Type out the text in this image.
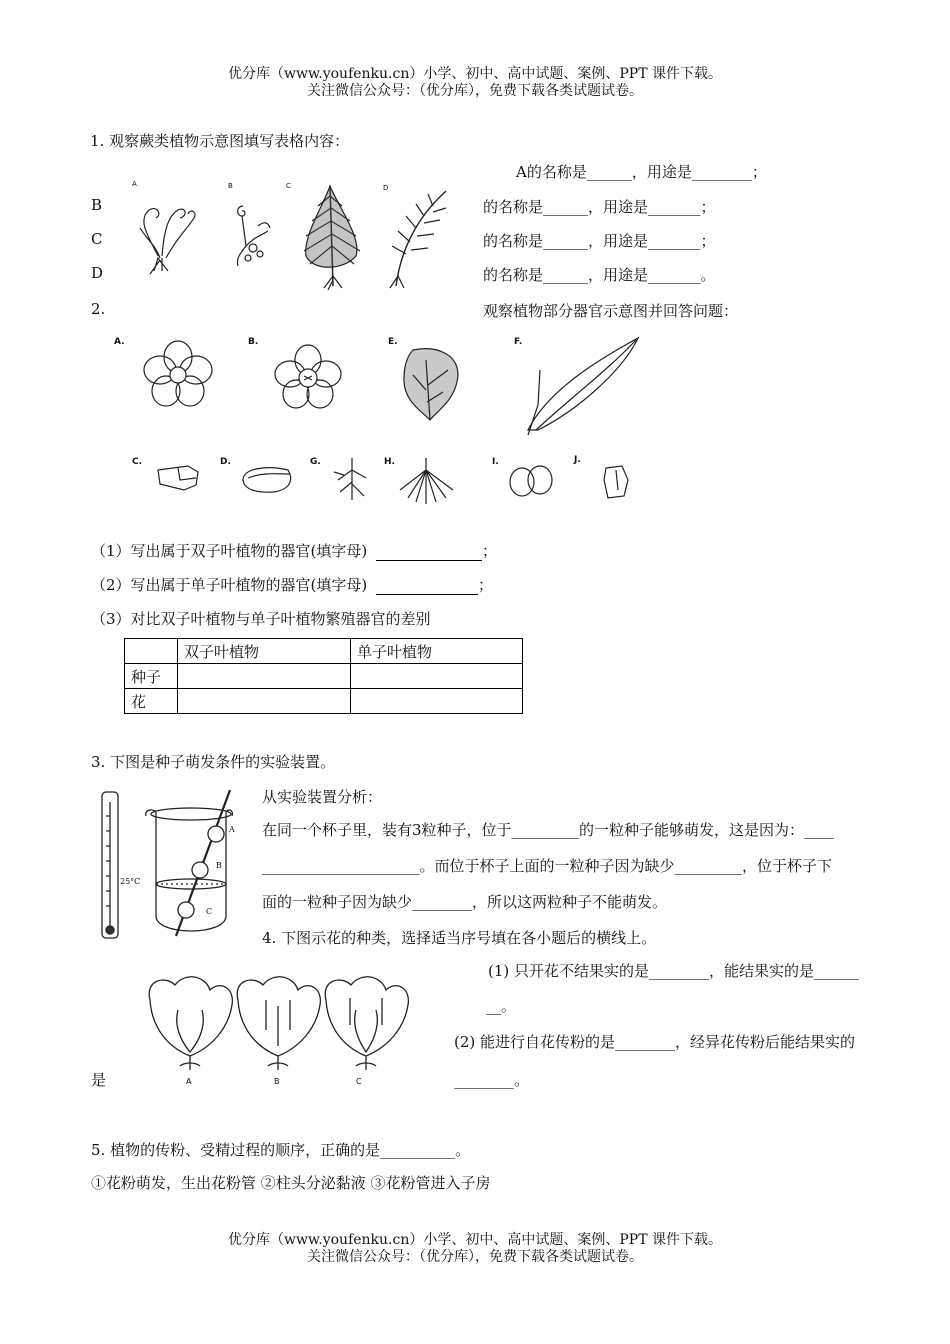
优分库（www.youfenku.cn）小学、初中、高中试题、案例、PPT 课件下载。
关注微信公众号：（优分库），免费下载各类试题试卷。
1. 观察蕨类植物示意图填写表格内容：
A的名称是______，用途是________；
B
C
D
的名称是______，用途是_______；
的名称是______，用途是_______；
的名称是______，用途是_______。
A	B	C	D
2.	观察植物部分器官示意图并回答问题：
A.	B.	E.	F.
C.	D.	G.	H.	I.	J.
（1）写出属于双子叶植物的器官(填字母)	；
（2）写出属于单子叶植物的器官(填字母)	；
（3）对比双子叶植物与单子叶植物繁殖器官的差别
	双子叶植物	单子叶植物
种子		
花		
3. 下图是种子萌发条件的实验装置。
从实验装置分析：
在同一个杯子里，装有3粒种子，位于_________的一粒种子能够萌发，这是因为：____
_____________________。而位于杯子上面的一粒种子因为缺少_________，位于杯子下
面的一粒种子因为缺少________，所以这两粒种子不能萌发。
25°C
A
B
C
4. 下图示花的种类，选择适当序号填在各小题后的横线上。
(1) 只开花不结果实的是________，能结果实的是______
__。
(2) 能进行自花传粉的是________，经异花传粉后能结果实的
是	________。
A	B	C
5. 植物的传粉、受精过程的顺序，正确的是__________。
①花粉萌发，生出花粉管 ②柱头分泌黏液 ③花粉管进入子房
优分库（www.youfenku.cn）小学、初中、高中试题、案例、PPT 课件下载。
关注微信公众号：（优分库），免费下载各类试题试卷。
